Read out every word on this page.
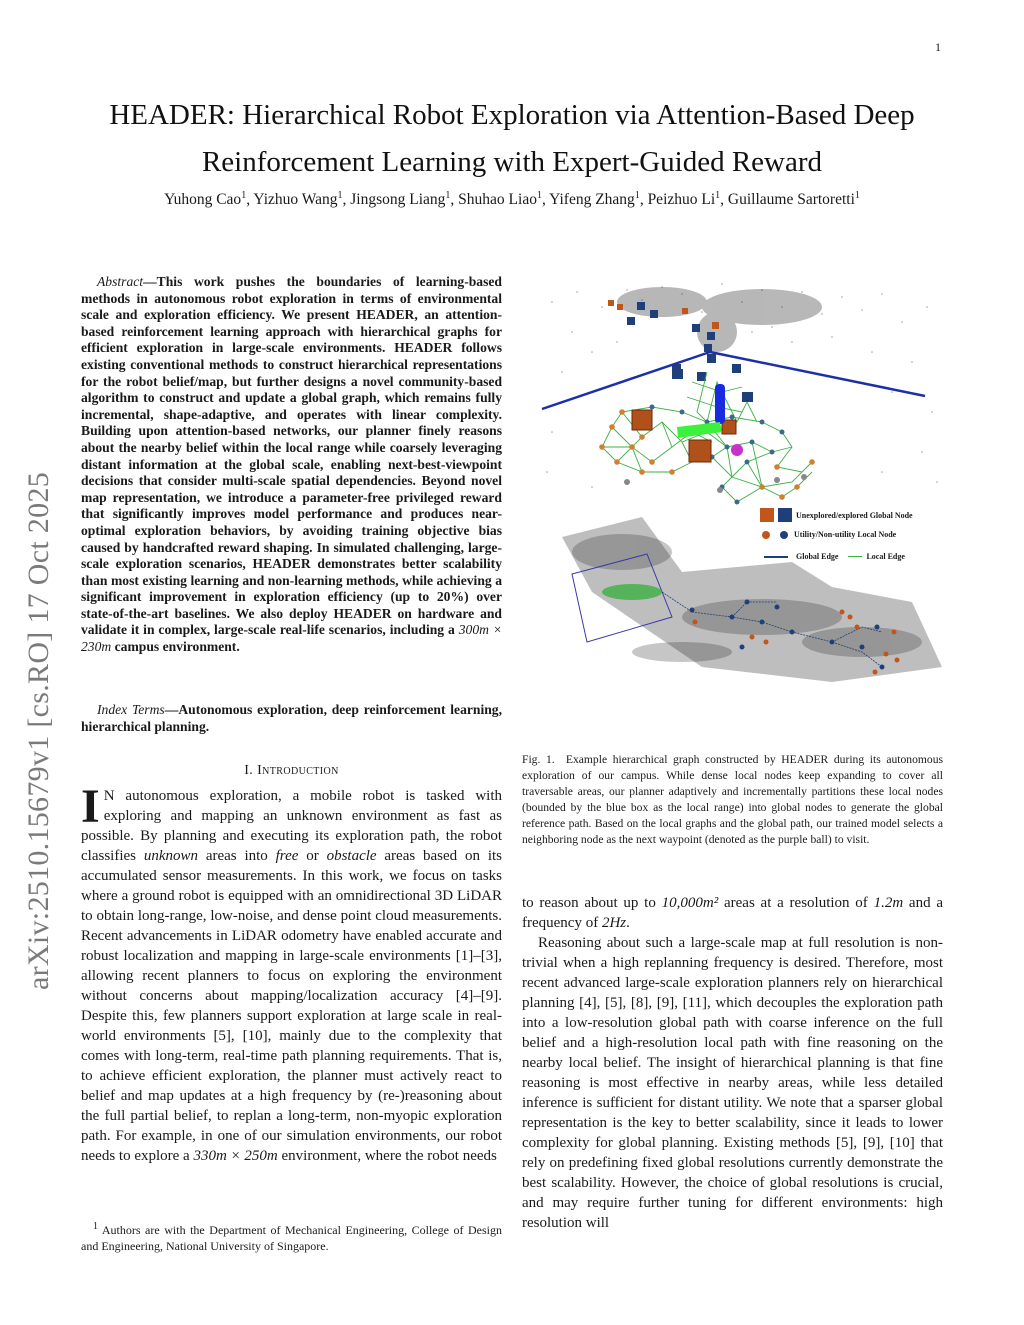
1
arXiv:2510.15679v1 [cs.RO] 17 Oct 2025
HEADER: Hierarchical Robot Exploration via Attention-Based Deep
Reinforcement Learning with Expert-Guided Reward
Yuhong Cao$^1$, Yizhuo Wang$^1$, Jingsong Liang$^1$, Shuhao Liao$^1$, Yifeng Zhang$^1$, Peizhuo Li$^1$, Guillaume Sartoretti$^1$

Abstract—This work pushes the boundaries of learning-based methods in autonomous robot exploration in terms of environmental scale and exploration efficiency. We present HEADER, an attention-based reinforcement learning approach with hierarchical graphs for efficient exploration in large-scale environments. HEADER follows existing conventional methods to construct hierarchical representations for the robot belief/map, but further designs a novel community-based algorithm to construct and update a global graph, which remains fully incremental, shape-adaptive, and operates with linear complexity. Building upon attention-based networks, our planner finely reasons about the nearby belief within the local range while coarsely leveraging distant information at the global scale, enabling next-best-viewpoint decisions that consider multi-scale spatial dependencies. Beyond novel map representation, we introduce a parameter-free privileged reward that significantly improves model performance and produces near-optimal exploration behaviors, by avoiding training objective bias caused by handcrafted reward shaping. In simulated challenging, large-scale exploration scenarios, HEADER demonstrates better scalability than most existing learning and non-learning methods, while achieving a significant improvement in exploration efficiency (up to 20%) over state-of-the-art baselines. We also deploy HEADER on hardware and validate it in complex, large-scale real-life scenarios, including a 300m × 230m campus environment.

Index Terms—Autonomous exploration, deep reinforcement learning, hierarchical planning.

I. Introduction

I N autonomous exploration, a mobile robot is tasked with exploring and mapping an unknown environment as fast as possible. By planning and executing its exploration path, the robot classifies unknown areas into free or obstacle areas based on its accumulated sensor measurements. In this work, we focus on tasks where a ground robot is equipped with an omnidirectional 3D LiDAR to obtain long-range, low-noise, and dense point cloud measurements. Recent advancements in LiDAR odometry have enabled accurate and robust localization and mapping in large-scale environments [1]–[3], allowing recent planners to focus on exploring the environment without concerns about mapping/localization accuracy [4]–[9]. Despite this, few planners support exploration at large scale in real-world environments [5], [10], mainly due to the complexity that comes with long-term, real-time path planning requirements. That is, to achieve efficient exploration, the planner must actively react to belief and map updates at a high frequency by (re-)reasoning about the full partial belief, to replan a long-term, non-myopic exploration path. For example, in one of our simulation environments, our robot needs to explore a 330m × 250m environment, where the robot needs

$^1$ Authors are with the Department of Mechanical Engineering, College of Design and Engineering, National University of Singapore.

Unexplored/explored Global Node
Utility/Non-utility Local Node
Global Edge	Local Edge

Fig. 1. Example hierarchical graph constructed by HEADER during its autonomous exploration of our campus. While dense local nodes keep expanding to cover all traversable areas, our planner adaptively and incrementally partitions these local nodes (bounded by the blue box as the local range) into global nodes to generate the global reference path. Based on the local graphs and the global path, our trained model selects a neighboring node as the next waypoint (denoted as the purple ball) to visit.

to reason about up to 10,000m² areas at a resolution of 1.2m and a frequency of 2Hz.

Reasoning about such a large-scale map at full resolution is non-trivial when a high replanning frequency is desired. Therefore, most recent advanced large-scale exploration planners rely on hierarchical planning [4], [5], [8], [9], [11], which decouples the exploration path into a low-resolution global path with coarse inference on the full belief and a high-resolution local path with fine reasoning on the nearby local belief. The insight of hierarchical planning is that fine reasoning is most effective in nearby areas, while less detailed inference is sufficient for distant utility. We note that a sparser global representation is the key to better scalability, since it leads to lower complexity for global planning. Existing methods [5], [9], [10] that rely on predefining fixed global resolutions currently demonstrate the best scalability. However, the choice of global resolutions is crucial, and may require further tuning for different environments: high resolution will
